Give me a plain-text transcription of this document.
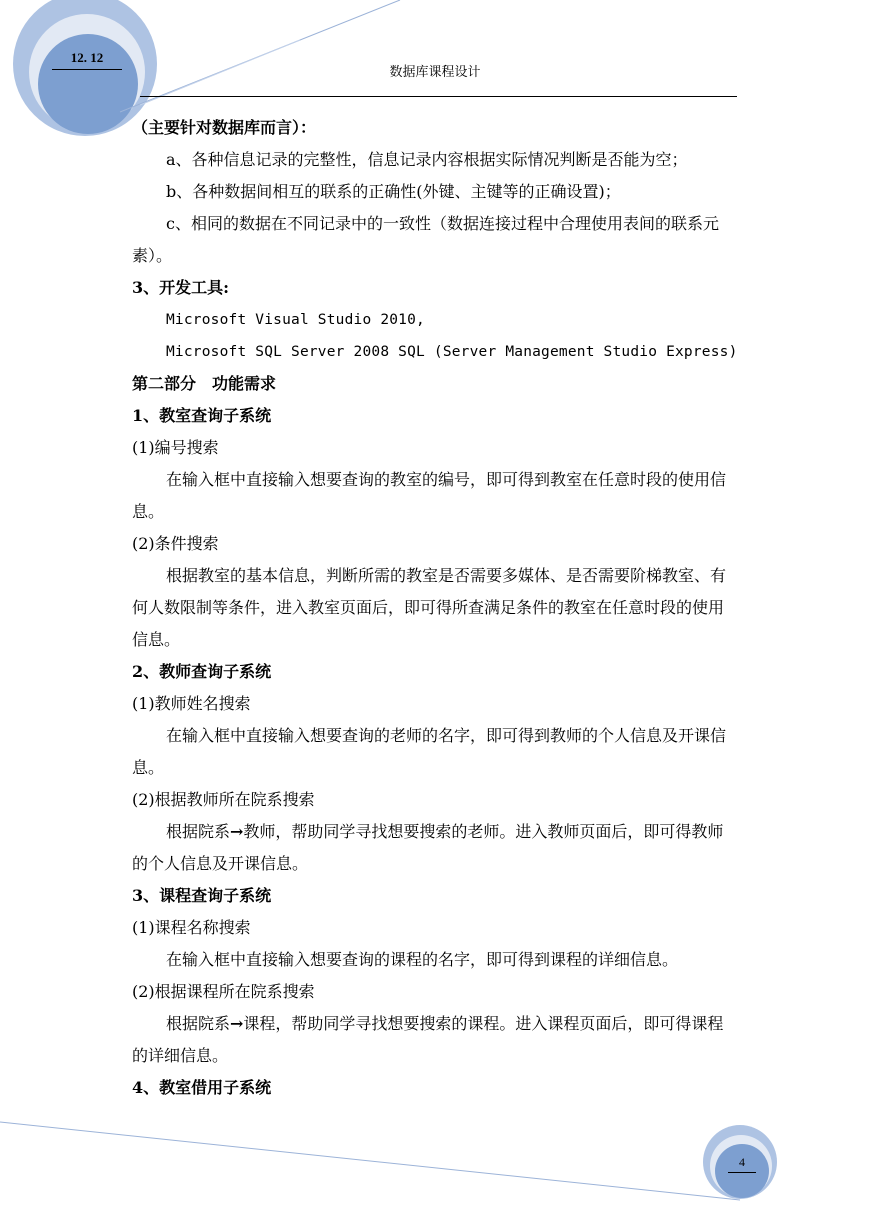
12. 12
数据库课程设计

（主要针对数据库而言）：

a、各种信息记录的完整性，信息记录内容根据实际情况判断是否能为空；

b、各种数据间相互的联系的正确性(外键、主键等的正确设置)；

c、相同的数据在不同记录中的一致性（数据连接过程中合理使用表间的联系元素）。

3、开发工具:

Microsoft Visual Studio 2010,

Microsoft SQL Server 2008 SQL (Server Management Studio Express)

第二部分　功能需求

1、教室查询子系统

(1)编号搜索

在输入框中直接输入想要查询的教室的编号，即可得到教室在任意时段的使用信息。

(2)条件搜索

根据教室的基本信息，判断所需的教室是否需要多媒体、是否需要阶梯教室、有何人数限制等条件，进入教室页面后，即可得所查满足条件的教室在任意时段的使用信息。

2、教师查询子系统

(1)教师姓名搜索

在输入框中直接输入想要查询的老师的名字，即可得到教师的个人信息及开课信息。

(2)根据教师所在院系搜索

根据院系→教师，帮助同学寻找想要搜索的老师。进入教师页面后，即可得教师的个人信息及开课信息。

3、课程查询子系统

(1)课程名称搜索

在输入框中直接输入想要查询的课程的名字，即可得到课程的详细信息。

(2)根据课程所在院系搜索

根据院系→课程，帮助同学寻找想要搜索的课程。进入课程页面后，即可得课程的详细信息。

4、教室借用子系统

4
